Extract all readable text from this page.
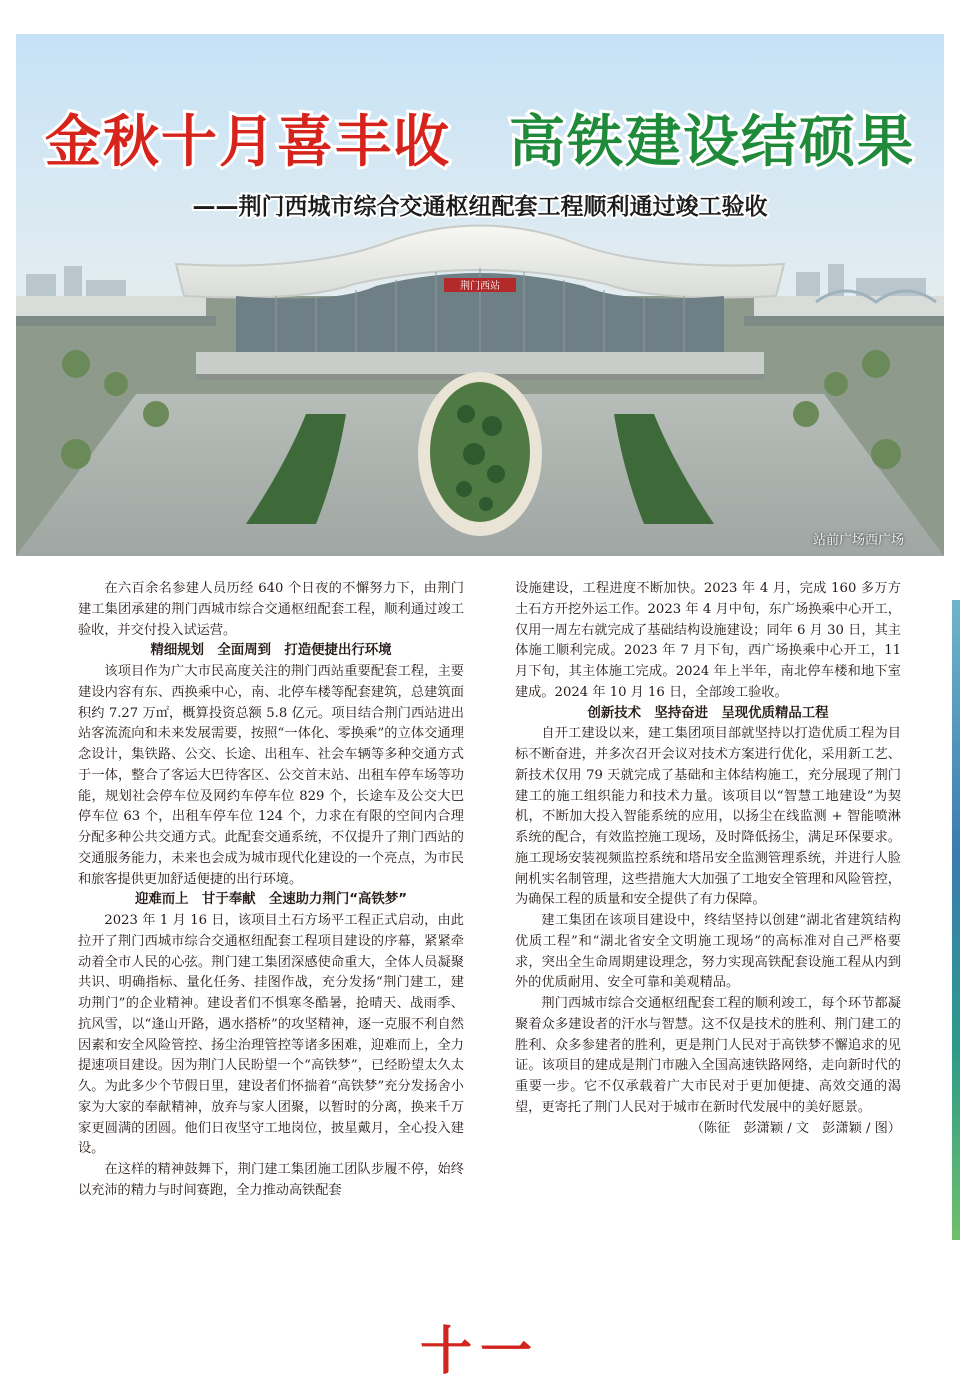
荆门西站
金秋十月喜丰收 高铁建设结硕果
——荆门西城市综合交通枢纽配套工程顺利通过竣工验收
站前广场西广场

在六百余名参建人员历经 640 个日夜的不懈努力下，由荆门建工集团承建的荆门西城市综合交通枢纽配套工程，顺利通过竣工验收，并交付投入试运营。

精细规划　全面周到　打造便捷出行环境

该项目作为广大市民高度关注的荆门西站重要配套工程，主要建设内容有东、西换乘中心，南、北停车楼等配套建筑，总建筑面积约 7.27 万㎡，概算投资总额 5.8 亿元。项目结合荆门西站进出站客流流向和未来发展需要，按照“一体化、零换乘”的立体交通理念设计，集铁路、公交、长途、出租车、社会车辆等多种交通方式于一体，整合了客运大巴待客区、公交首末站、出租车停车场等功能，规划社会停车位及网约车停车位 829 个，长途车及公交大巴停车位 63 个，出租车停车位 124 个，力求在有限的空间内合理分配多种公共交通方式。此配套交通系统，不仅提升了荆门西站的交通服务能力，未来也会成为城市现代化建设的一个亮点，为市民和旅客提供更加舒适便捷的出行环境。

迎难而上　甘于奉献　全速助力荆门“高铁梦”

2023 年 1 月 16 日，该项目土石方场平工程正式启动，由此拉开了荆门西城市综合交通枢纽配套工程项目建设的序幕，紧紧牵动着全市人民的心弦。荆门建工集团深感使命重大，全体人员凝聚共识、明确指标、量化任务、挂图作战，充分发扬“荆门建工，建功荆门”的企业精神。建设者们不惧寒冬酷暑，抢晴天、战雨季、抗风雪，以“逢山开路，遇水搭桥”的攻坚精神，逐一克服不利自然因素和安全风险管控、扬尘治理管控等诸多困难，迎难而上，全力提速项目建设。因为荆门人民盼望一个“高铁梦”，已经盼望太久太久。为此多少个节假日里，建设者们怀揣着“高铁梦”充分发扬舍小家为大家的奉献精神，放弃与家人团聚，以暂时的分离，换来千万家更圆满的团圆。他们日夜坚守工地岗位，披星戴月，全心投入建设。

在这样的精神鼓舞下，荆门建工集团施工团队步履不停，始终以充沛的精力与时间赛跑，全力推动高铁配套

设施建设，工程进度不断加快。2023 年 4 月，完成 160 多万方土石方开挖外运工作。2023 年 4 月中旬，东广场换乘中心开工，仅用一周左右就完成了基础结构设施建设；同年 6 月 30 日，其主体施工顺利完成。2023 年 7 月下旬，西广场换乘中心开工，11 月下旬，其主体施工完成。2024 年上半年，南北停车楼和地下室建成。2024 年 10 月 16 日，全部竣工验收。

创新技术　坚持奋进　呈现优质精品工程

自开工建设以来，建工集团项目部就坚持以打造优质工程为目标不断奋进，并多次召开会议对技术方案进行优化，采用新工艺、新技术仅用 79 天就完成了基础和主体结构施工，充分展现了荆门建工的施工组织能力和技术力量。该项目以“智慧工地建设”为契机，不断加大投入智能系统的应用，以扬尘在线监测 + 智能喷淋系统的配合，有效监控施工现场，及时降低扬尘，满足环保要求。施工现场安装视频监控系统和塔吊安全监测管理系统，并进行人脸闸机实名制管理，这些措施大大加强了工地安全管理和风险管控，为确保工程的质量和安全提供了有力保障。

建工集团在该项目建设中，终结坚持以创建“湖北省建筑结构优质工程”和“湖北省安全文明施工现场”的高标准对自己严格要求，突出全生命周期建设理念，努力实现高铁配套设施工程从内到外的优质耐用、安全可靠和美观精品。

荆门西城市综合交通枢纽配套工程的顺利竣工，每个环节都凝聚着众多建设者的汗水与智慧。这不仅是技术的胜利、荆门建工的胜利、众多参建者的胜利，更是荆门人民对于高铁梦不懈追求的见证。该项目的建成是荆门市融入全国高速铁路网络，走向新时代的重要一步。它不仅承载着广大市民对于更加便捷、高效交通的渴望，更寄托了荆门人民对于城市在新时代发展中的美好愿景。

（陈征　彭潇颖 / 文　彭潇颖 / 图）

十一
